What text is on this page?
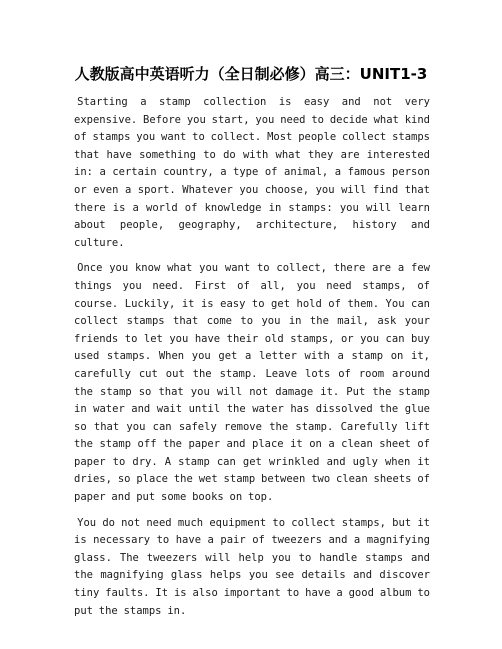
人教版高中英语听力（全日制必修）高三：UNIT1-3

Starting a stamp collection is easy and not very expensive. Before you start, you need to decide what kind of stamps you want to collect. Most people collect stamps that have something to do with what they are interested in: a certain country, a type of animal, a famous person or even a sport. Whatever you choose, you will find that there is a world of knowledge in stamps: you will learn about people, geography, architecture, history and culture.

Once you know what you want to collect, there are a few things you need. First of all, you need stamps, of course. Luckily, it is easy to get hold of them. You can collect stamps that come to you in the mail, ask your friends to let you have their old stamps, or you can buy used stamps. When you get a letter with a stamp on it, carefully cut out the stamp. Leave lots of room around the stamp so that you will not damage it. Put the stamp in water and wait until the water has dissolved the glue so that you can safely remove the stamp. Carefully lift the stamp off the paper and place it on a clean sheet of paper to dry. A stamp can get wrinkled and ugly when it dries, so place the wet stamp between two clean sheets of paper and put some books on top.

You do not need much equipment to collect stamps, but it is necessary to have a pair of tweezers and a magnifying glass. The tweezers will help you to handle stamps and the magnifying glass helps you see details and discover tiny faults. It is also important to have a good album to put the stamps in.
